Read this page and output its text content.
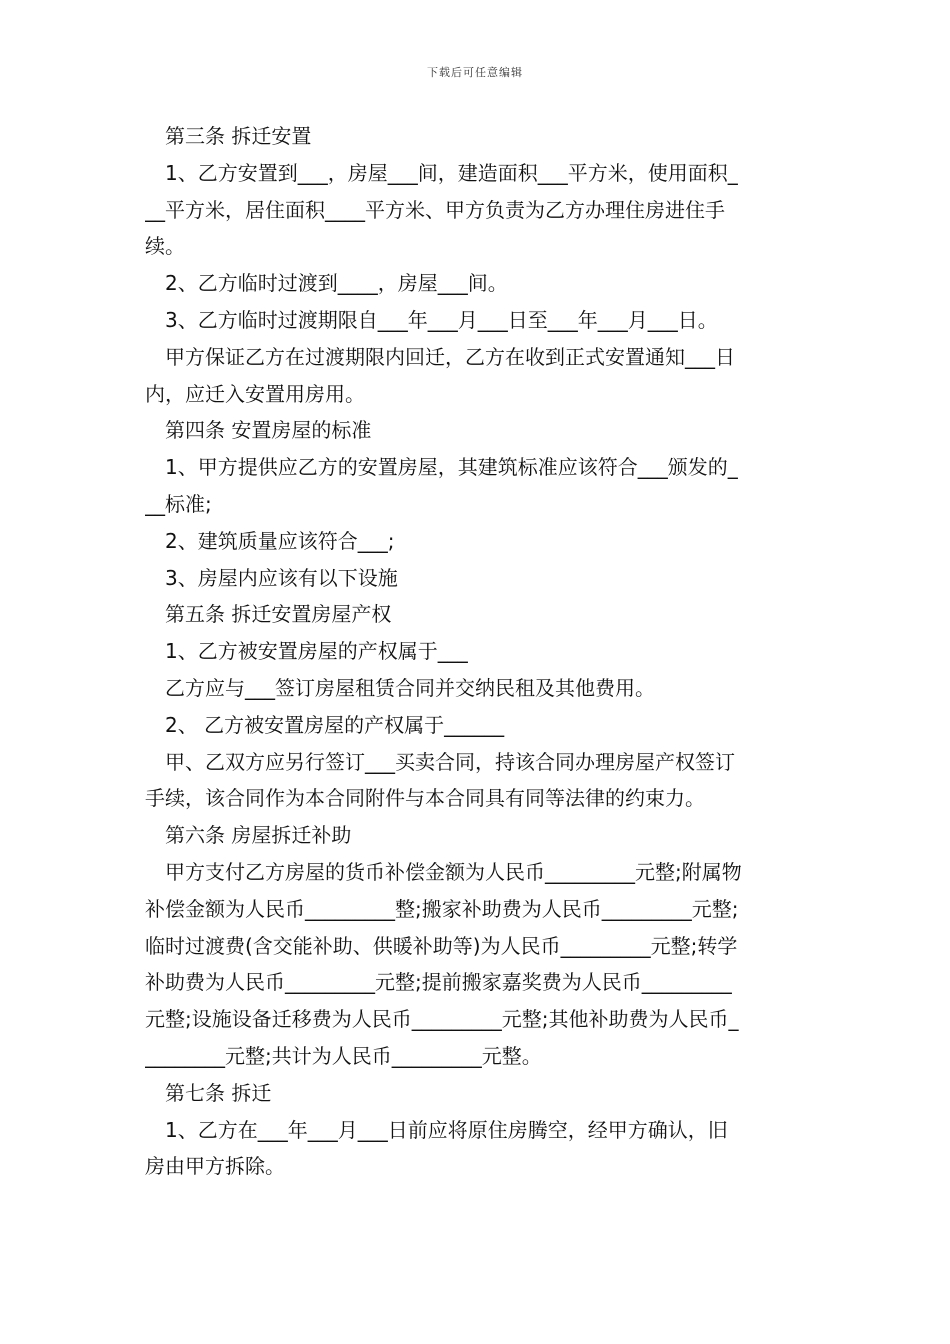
下载后可任意编辑
第三条 拆迁安置
1、乙方安置到___，房屋___间，建造面积___平方米，使用面积_
__平方米，居住面积____平方米、甲方负责为乙方办理住房进住手
续。
2、乙方临时过渡到____，房屋___间。
3、乙方临时过渡期限自___年___月___日至___年___月___日。
甲方保证乙方在过渡期限内回迁，乙方在收到正式安置通知___日
内，应迁入安置用房用。
第四条 安置房屋的标准
1、甲方提供应乙方的安置房屋，其建筑标准应该符合___颁发的_
__标准;
2、建筑质量应该符合___;
3、房屋内应该有以下设施
第五条 拆迁安置房屋产权
1、乙方被安置房屋的产权属于___
乙方应与___签订房屋租赁合同并交纳民租及其他费用。
2、 乙方被安置房屋的产权属于______
甲、乙双方应另行签订___买卖合同，持该合同办理房屋产权签订
手续，该合同作为本合同附件与本合同具有同等法律的约束力。
第六条 房屋拆迁补助
甲方支付乙方房屋的货币补偿金额为人民币_________元整;附属物
补偿金额为人民币_________整;搬家补助费为人民币_________元整;
临时过渡费(含交能补助、供暖补助等)为人民币_________元整;转学
补助费为人民币_________元整;提前搬家嘉奖费为人民币_________
元整;设施设备迁移费为人民币_________元整;其他补助费为人民币_
________元整;共计为人民币_________元整。
第七条 拆迁
1、乙方在___年___月___日前应将原住房腾空，经甲方确认，旧
房由甲方拆除。
